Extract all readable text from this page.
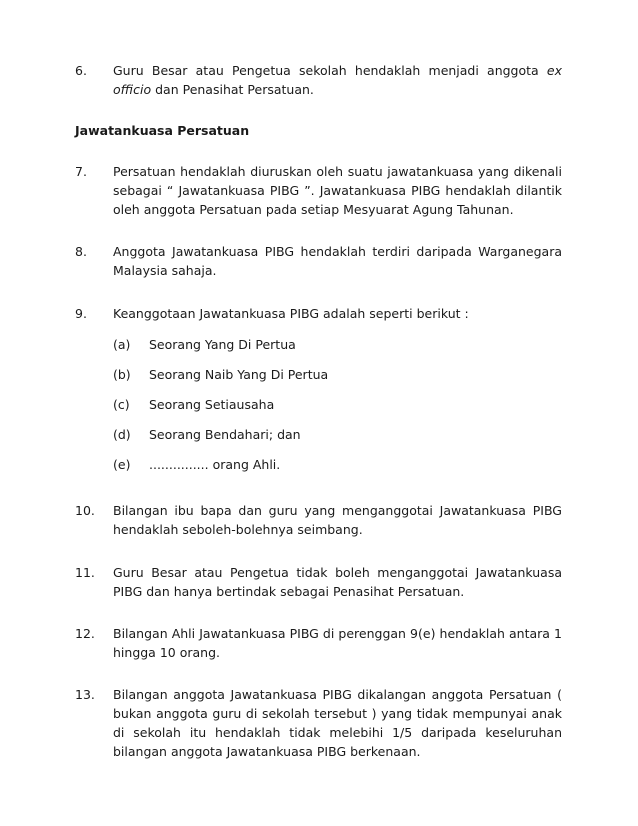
6. Guru Besar atau Pengetua sekolah hendaklah menjadi anggota ex officio dan Penasihat Persatuan.
Jawatankuasa Persatuan
7. Persatuan hendaklah diuruskan oleh suatu jawatankuasa yang dikenali sebagai “ Jawatankuasa PIBG ”. Jawatankuasa PIBG hendaklah dilantik oleh anggota Persatuan pada setiap Mesyuarat Agung Tahunan.
8. Anggota Jawatankuasa PIBG hendaklah terdiri daripada Warganegara Malaysia sahaja.
9. Keanggotaan Jawatankuasa PIBG adalah seperti berikut :
(a) Seorang Yang Di Pertua
(b) Seorang Naib Yang Di Pertua
(c) Seorang Setiausaha
(d) Seorang Bendahari; dan
(e) ............... orang Ahli.
10. Bilangan ibu bapa dan guru yang menganggotai Jawatankuasa PIBG hendaklah seboleh-bolehnya seimbang.
11. Guru Besar atau Pengetua tidak boleh menganggotai Jawatankuasa PIBG dan hanya bertindak sebagai Penasihat Persatuan.
12. Bilangan Ahli Jawatankuasa PIBG di perenggan 9(e) hendaklah antara 1 hingga 10 orang.
13. Bilangan anggota Jawatankuasa PIBG dikalangan anggota Persatuan ( bukan anggota guru di sekolah tersebut ) yang tidak mempunyai anak di sekolah itu hendaklah tidak melebihi 1/5 daripada keseluruhan bilangan anggota Jawatankuasa PIBG berkenaan.
